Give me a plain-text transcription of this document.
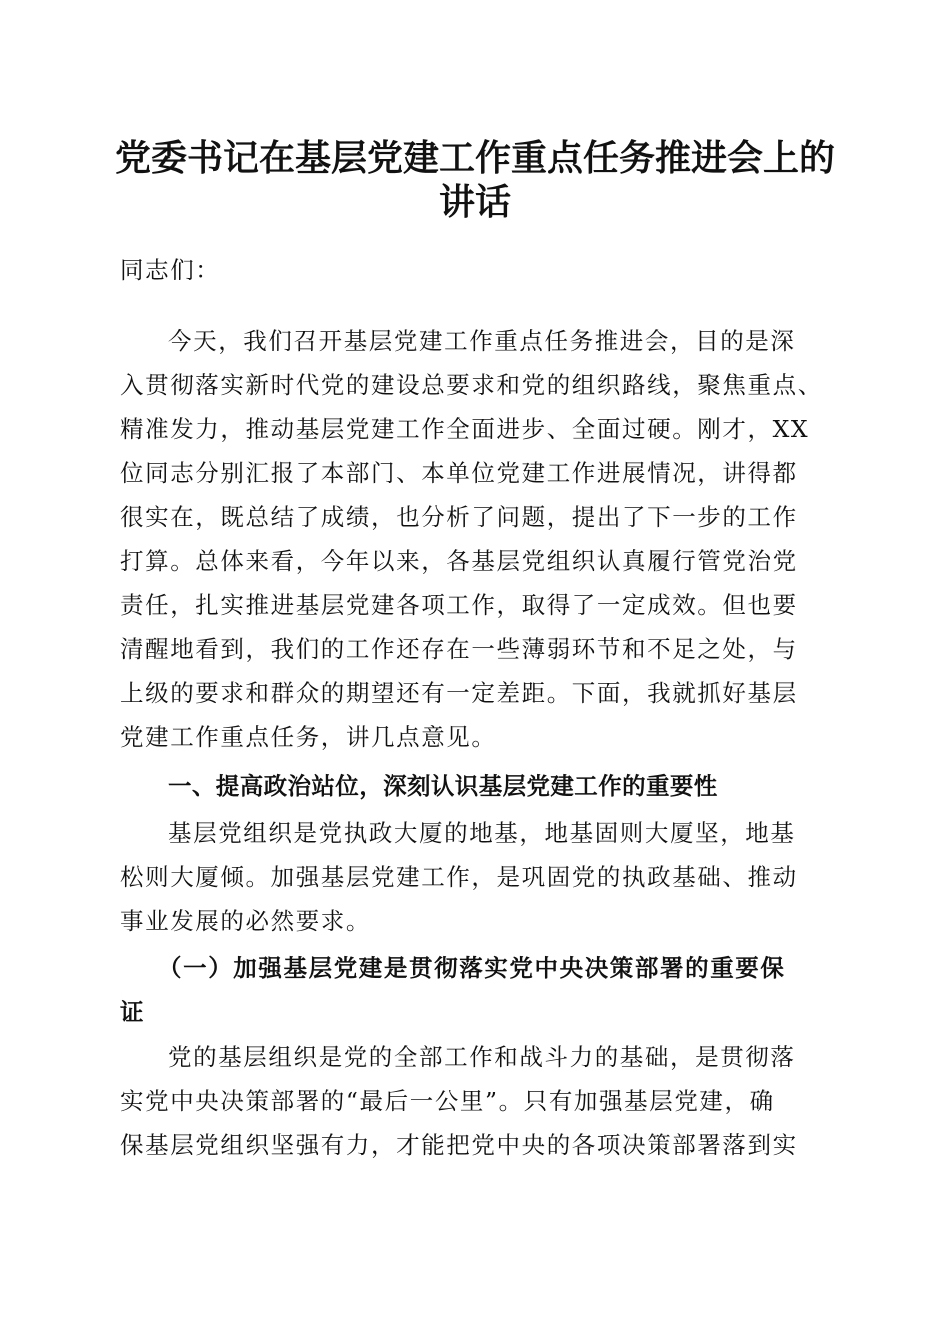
党委书记在基层党建工作重点任务推进会上的
讲话
同志们：
今天，我们召开基层党建工作重点任务推进会，目的是深
入贯彻落实新时代党的建设总要求和党的组织路线，聚焦重点、
精准发力，推动基层党建工作全面进步、全面过硬。刚才，XX
位同志分别汇报了本部门、本单位党建工作进展情况，讲得都
很实在，既总结了成绩，也分析了问题，提出了下一步的工作
打算。总体来看，今年以来，各基层党组织认真履行管党治党
责任，扎实推进基层党建各项工作，取得了一定成效。但也要
清醒地看到，我们的工作还存在一些薄弱环节和不足之处，与
上级的要求和群众的期望还有一定差距。下面，我就抓好基层
党建工作重点任务，讲几点意见。
一、提高政治站位，深刻认识基层党建工作的重要性
基层党组织是党执政大厦的地基，地基固则大厦坚，地基
松则大厦倾。加强基层党建工作，是巩固党的执政基础、推动
事业发展的必然要求。
（一）加强基层党建是贯彻落实党中央决策部署的重要保
证
党的基层组织是党的全部工作和战斗力的基础，是贯彻落
实党中央决策部署的“最后一公里”。只有加强基层党建，确
保基层党组织坚强有力，才能把党中央的各项决策部署落到实
